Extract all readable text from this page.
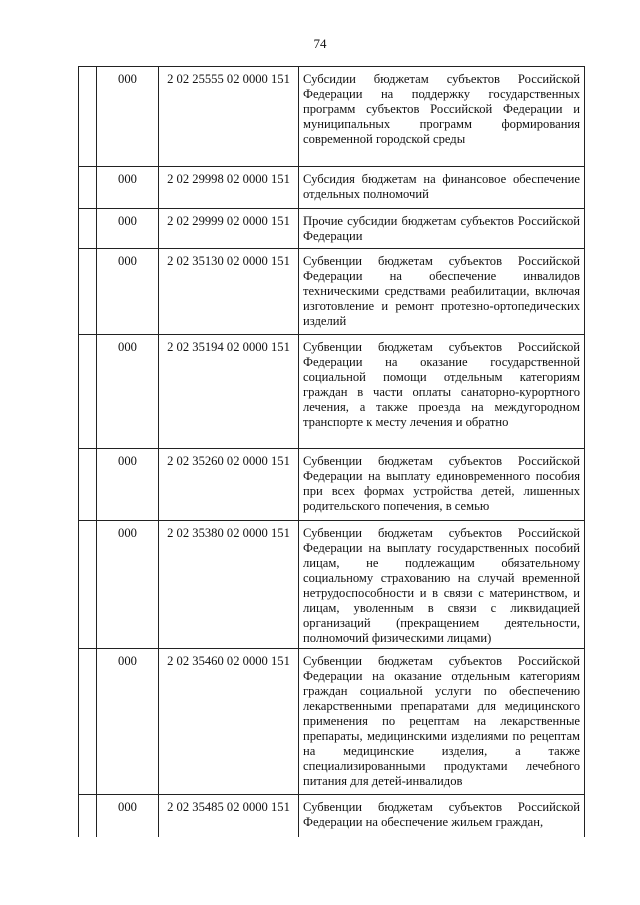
74
	000	2 02 25555 02 0000 151	Субсидии бюджетам субъектов Российской Федерации на поддержку государственных программ субъектов Российской Федерации и муниципальных программ формирования современной городской среды
	000	2 02 29998 02 0000 151	Субсидия бюджетам на финансовое обеспечение отдельных полномочий
	000	2 02 29999 02 0000 151	Прочие субсидии бюджетам субъектов Российской Федерации
	000	2 02 35130 02 0000 151	Субвенции бюджетам субъектов Российской Федерации на обеспечение инвалидов техническими средствами реабилитации, включая изготовление и ремонт протезно-ортопедических изделий
	000	2 02 35194 02 0000 151	Субвенции бюджетам субъектов Российской Федерации на оказание государственной социальной помощи отдельным категориям граждан в части оплаты санаторно-курортного лечения, а также проезда на междугородном транспорте к месту лечения и обратно
	000	2 02 35260 02 0000 151	Субвенции бюджетам субъектов Российской Федерации на выплату единовременного пособия при всех формах устройства детей, лишенных родительского попечения, в семью
	000	2 02 35380 02 0000 151	Субвенции бюджетам субъектов Российской Федерации на выплату государственных пособий лицам, не подлежащим обязательному социальному страхованию на случай временной нетрудоспособности и в связи с материнством, и лицам, уволенным в связи с ликвидацией организаций (прекращением деятельности, полномочий физическими лицами)
	000	2 02 35460 02 0000 151	Субвенции бюджетам субъектов Российской Федерации на оказание отдельным категориям граждан социальной услуги по обеспечению лекарственными препаратами для медицинского применения по рецептам на лекарственные препараты, медицинскими изделиями по рецептам на медицинские изделия, а также специализированными продуктами лечебного питания для детей-инвалидов
	000	2 02 35485 02 0000 151	Субвенции бюджетам субъектов Российской Федерации на обеспечение жильем граждан,
